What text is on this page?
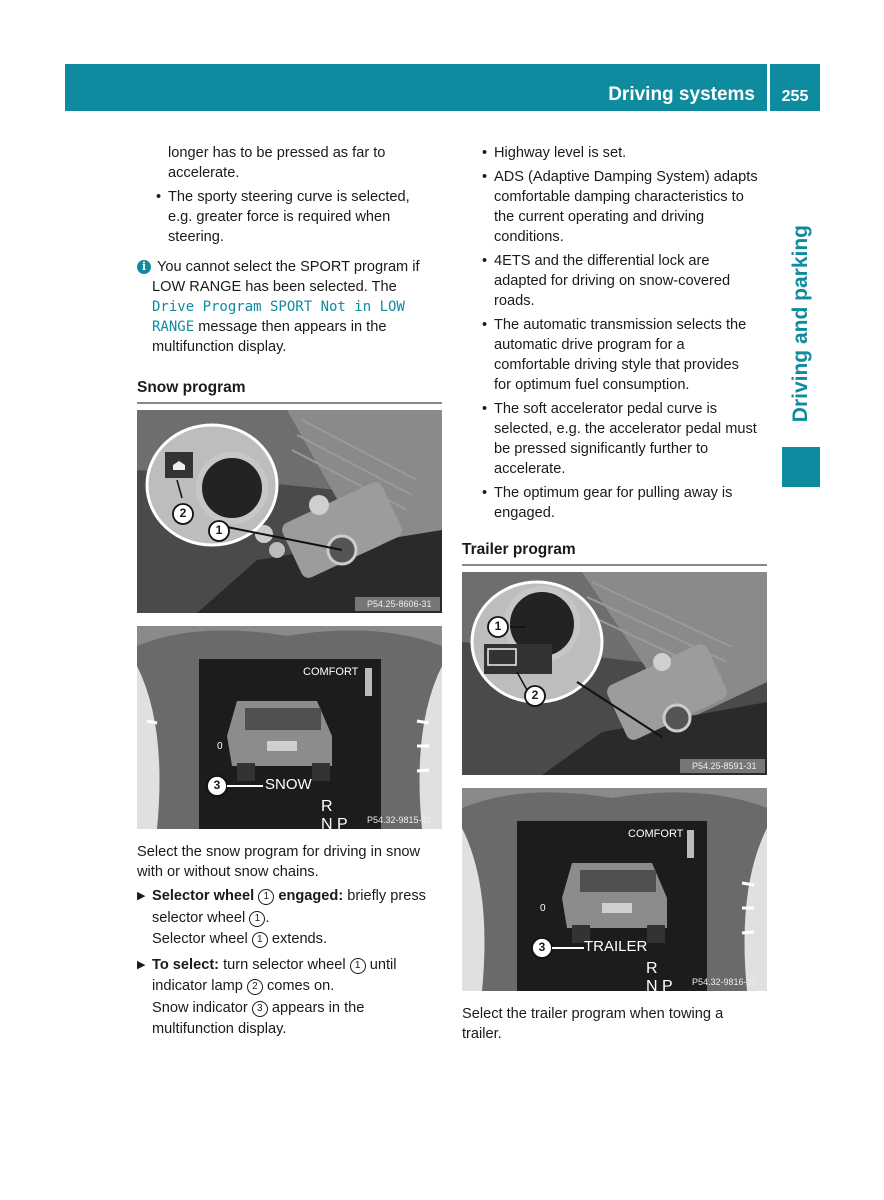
Driving systems	255
Driving and parking

longer has to be pressed as far to

accelerate.

• The sporty steering curve is selected,
e.g. greater force is required when
steering.
i You cannot select the SPORT program if
LOW RANGE has been selected. The
Drive Program SPORT Not in LOW
RANGE message then appears in the
multifunction display.
Snow program
2
1
P54.25-8606-31
COMFORT
0
3	SNOW
R
N P P54.32-9815-31

Select the snow program for driving in snow

with or without snow chains.

▶ Selector wheel 1 engaged: briefly press
selector wheel 1 .
Selector wheel 1 extends.
▶ To select: turn selector wheel 1 until
indicator lamp 2 comes on.
Snow indicator 3 appears in the
multifunction display.
• Highway level is set.
• ADS (Adaptive Damping System) adapts
comfortable damping characteristics to
the current operating and driving
conditions.
• 4ETS and the differential lock are
adapted for driving on snow-covered
roads.
• The automatic transmission selects the
automatic drive program for a
comfortable driving style that provides
for optimum fuel consumption.
• The soft accelerator pedal curve is
selected, e.g. the accelerator pedal must
be pressed significantly further to
accelerate.
• The optimum gear for pulling away is
engaged.
Trailer program
1
2
P54.25-8591-31
COMFORT
0
3	TRAILER
R
N P P54.32-9816-31

Select the trailer program when towing a

trailer.
